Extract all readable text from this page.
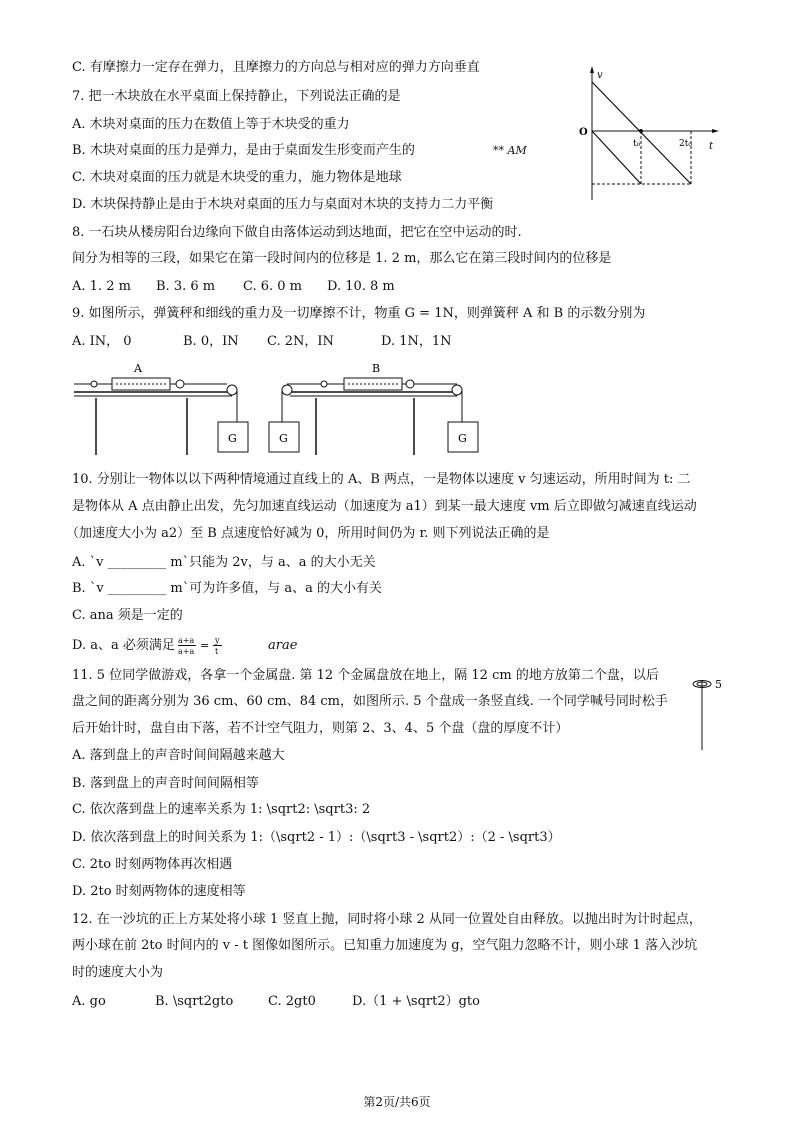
C. 有摩擦力一定存在弹力，且摩擦力的方向总与相对应的弹力方向垂直
7. 把一木块放在水平桌面上保持静止，下列说法正确的是
A. 木块对桌面的压力在数值上等于木块受的重力
B. 木块对桌面的压力是弹力，是由于桌面发生形变而产生的	** AM
C. 木块对桌面的压力就是木块受的重力，施力物体是地球
D. 木块保持静止是由于木块对桌面的压力与桌面对木块的支持力二力平衡
8. 一石块从楼房阳台边缘向下做自由落体运动到达地面，把它在空中运动的时.
间分为相等的三段，如果它在第一段时间内的位移是 1. 2 m，那么它在第三段时间内的位移是
A. 1. 2 m B. 3. 6 m C. 6. 0 m D. 10. 8 m
9. 如图所示，弹簧秤和细线的重力及一切摩擦不计，物重 G = 1N，则弹簧秤 A 和 B 的示数分别为
A. IN， 0	B. 0，IN C. 2N，IN	D. 1N，1N
10. 分别让一物体以以下两种情境通过直线上的 A、B 两点，一是物体以速度 v 匀速运动，所用时间为 t: 二
是物体从 A 点由静止出发，先匀加速直线运动（加速度为 a1）到某一最大速度 vm 后立即做匀减速直线运动
（加速度大小为 a2）至 B 点速度恰好减为 0，所用时间仍为 r. 则下列说法正确的是
A. `v _________ m`只能为 2v，与 a、a 的大小无关
B. `v _________ m`可为许多值，与 a、a 的大小有关
C. ana 须是一定的
D. a、a 必须满足 a+a
a+a = y
t	arae
11. 5 位同学做游戏，各拿一个金属盘. 第 12 个金属盘放在地上，隔 12 cm 的地方放第二个盘，以后
盘之间的距离分别为 36 cm、60 cm、84 cm，如图所示. 5 个盘成一条竖直线. 一个同学喊号同时松手
后开始计时，盘自由下落，若不计空气阻力，则第 2、3、4、5 个盘（盘的厚度不计）
A. 落到盘上的声音时间间隔越来越大
B. 落到盘上的声音时间间隔相等
C. 依次落到盘上的速率关系为 1: \sqrt2: \sqrt3: 2
D. 依次落到盘上的时间关系为 1:（\sqrt2 - 1）:（\sqrt3 - \sqrt2）:（2 - \sqrt3）
C. 2to 时刻两物体再次相遇
D. 2to 时刻两物体的速度相等
12. 在一沙坑的正上方某处将小球 1 竖直上抛，同时将小球 2 从同一位置处自由释放。以抛出时为计时起点，
两小球在前 2to 时间内的 v - t 图像如图所示。已知重力加速度为 g，空气阻力忽略不计，则小球 1 落入沙坑
时的速度大小为
A. go	B. \sqrt2gto	C. 2gt0	D.（1 + \sqrt2）gto
v
O
t
t₀	2t₀
A
G
B
G	G
5
第2页/共6页
